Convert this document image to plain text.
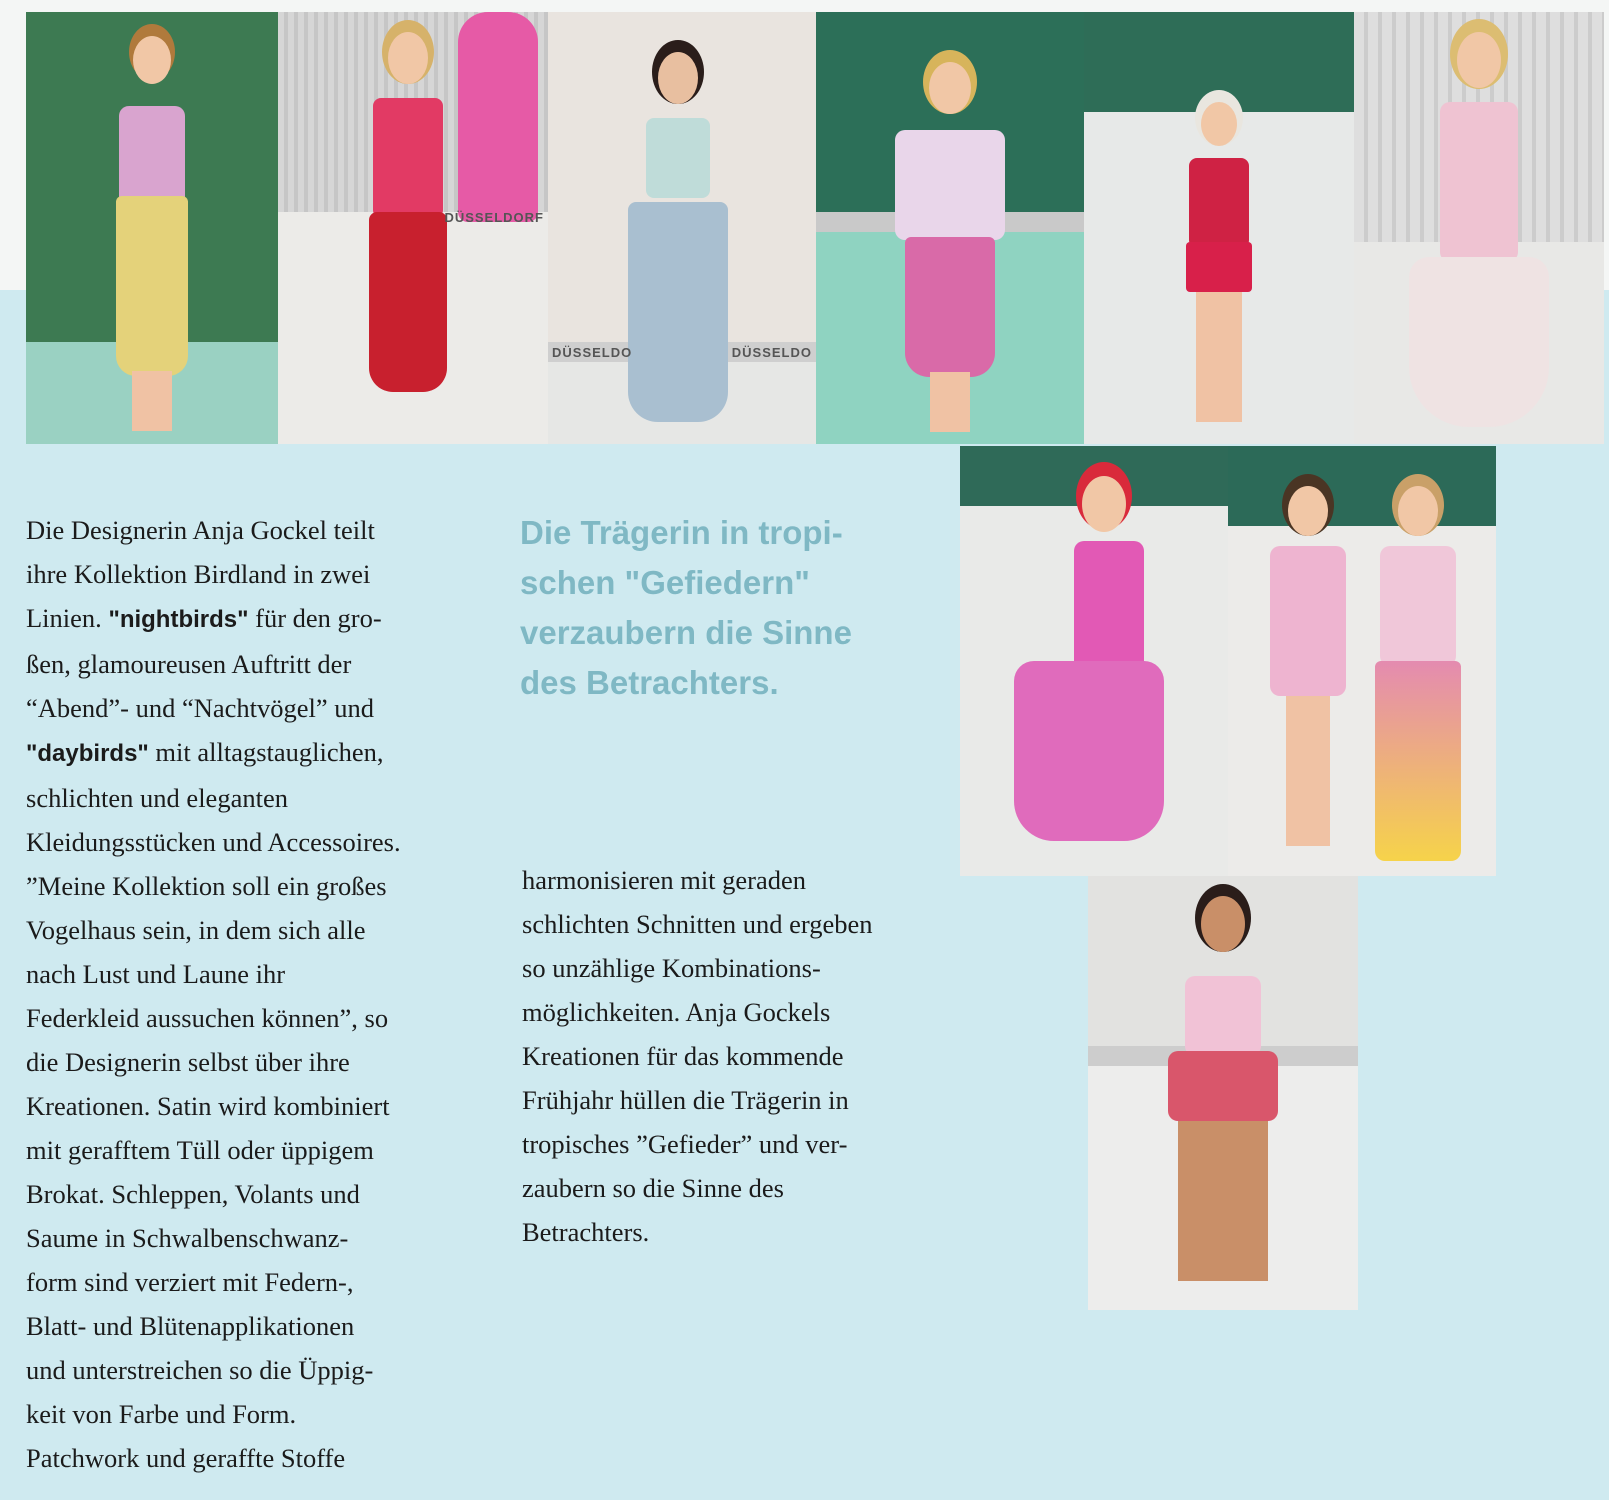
DÜSSELDORF
DÜSSELDO	DÜSSELDO

Die Designerin Anja Gockel teilt

ihre Kollektion Birdland in zwei

Linien. "nightbirds" für den gro-

ßen, glamoureusen Auftritt der

“Abend”- und “Nachtvögel” und

"daybirds" mit alltagstauglichen,

schlichten und eleganten

Kleidungsstücken und Accessoires.

”Meine Kollektion soll ein großes

Vogelhaus sein, in dem sich alle

nach Lust und Laune ihr

Federkleid aussuchen können”, so

die Designerin selbst über ihre

Kreationen. Satin wird kombiniert

mit gerafftem Tüll oder üppigem

Brokat. Schleppen, Volants und

Saume in Schwalbenschwanz-

form sind verziert mit Federn-,

Blatt- und Blütenapplikationen

und unterstreichen so die Üppig-

keit von Farbe und Form.

Patchwork und geraffte Stoffe

Die Trägerin in tropi-
schen "Gefiedern"
verzaubern die Sinne
des Betrachters.

harmonisieren mit geraden

schlichten Schnitten und ergeben

so unzählige Kombinations-

möglichkeiten. Anja Gockels

Kreationen für das kommende

Frühjahr hüllen die Trägerin in

tropisches ”Gefieder” und ver-

zaubern so die Sinne des

Betrachters.
